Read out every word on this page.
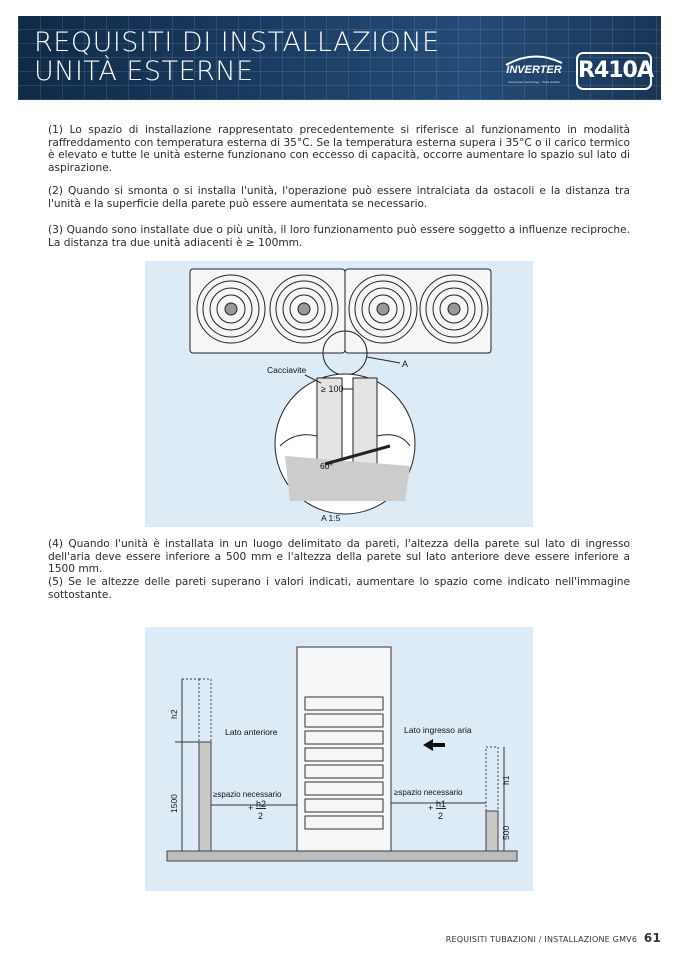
REQUISITI DI INSTALLAZIONE
UNITÀ ESTERNE	INVERTER
Compressor technology - Work smarter R410A
(1) Lo spazio di installazione rappresentato precedentemente si riferisce al funzionamento in modalità raffreddamento con temperatura esterna di 35°C. Se la temperatura esterna supera i 35°C o il carico termico è elevato e tutte le unità esterne funzionano con eccesso di capacità, occorre aumentare lo spazio sul lato di aspirazione.
(2) Quando si smonta o si installa l'unità, l'operazione può essere intralciata da ostacoli e la distanza tra l'unità e la superficie della parete può essere aumentata se necessario.
(3) Quando sono installate due o più unità, il loro funzionamento può essere soggetto a influenze reciproche. La distanza tra due unità adiacenti è ≥ 100mm.
A
≥ 100
Cacciavite
60°
A 1:5
(4) Quando l'unità è installata in un luogo delimitato da pareti, l'altezza della parete sul lato di ingresso dell'aria deve essere inferiore a 500 mm e l'altezza della parete sul lato anteriore deve essere inferiore a 1500 mm.
(5) Se le altezze delle pareti superano i valori indicati, aumentare lo spazio come indicato nell'immagine sottostante.
h2
1500
Lato anteriore
≥spazio necessario
+ h2
2
Lato ingresso aria
h1
500
≥spazio necessario
+ h1
2
REQUISITI TUBAZIONI / INSTALLAZIONE GMV6 61
